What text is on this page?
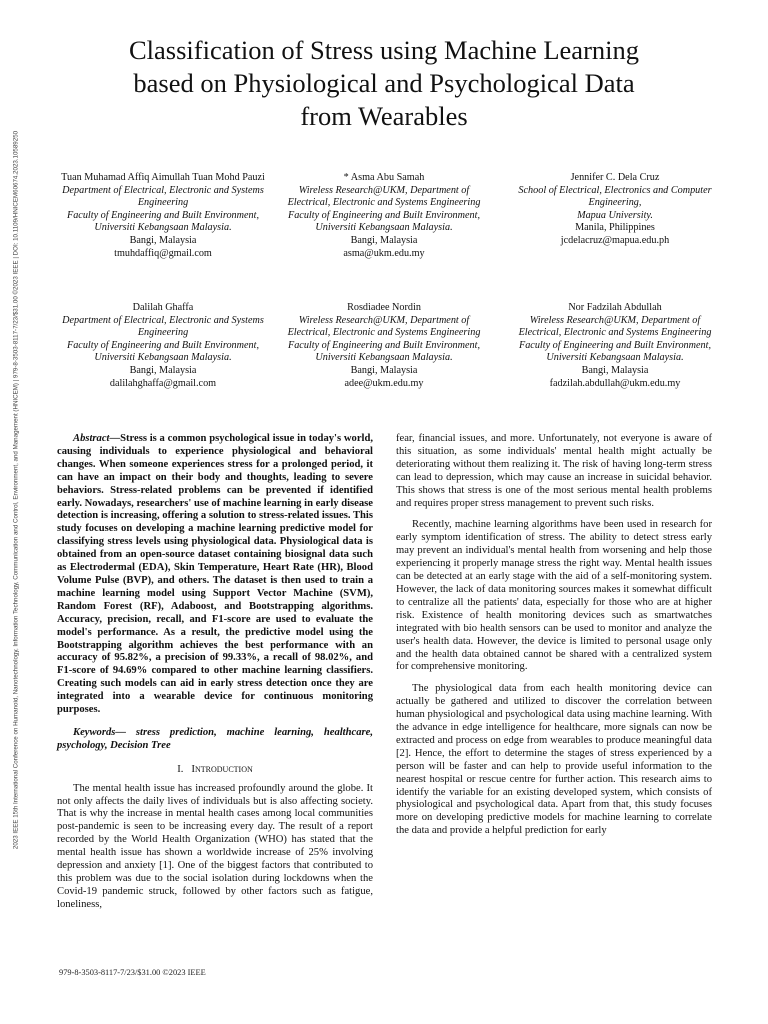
2023 IEEE 15th International Conference on Humanoid, Nanotechnology, Information Technology, Communication and Control, Environment, and Management (HNICEM) | 979-8-3503-8117-7/23/$31.00 ©2023 IEEE | DOI: 10.1109/HNICEM60674.2023.10589250
Classification of Stress using Machine Learning
based on Physiological and Psychological Data
from Wearables
Tuan Muhamad Affiq Aimullah Tuan Mohd Pauzi
Department of Electrical, Electronic and Systems Engineering
Faculty of Engineering and Built Environment, Universiti Kebangsaan Malaysia.
Bangi, Malaysia
tmuhdaffiq@gmail.com
* Asma Abu Samah
Wireless Research@UKM, Department of Electrical, Electronic and Systems Engineering
Faculty of Engineering and Built Environment, Universiti Kebangsaan Malaysia.
Bangi, Malaysia
asma@ukm.edu.my
Jennifer C. Dela Cruz
School of Electrical, Electronics and Computer Engineering,
Mapua University.
Manila, Philippines
jcdelacruz@mapua.edu.ph
Dalilah Ghaffa
Department of Electrical, Electronic and Systems Engineering
Faculty of Engineering and Built Environment, Universiti Kebangsaan Malaysia.
Bangi, Malaysia
dalilahghaffa@gmail.com
Rosdiadee Nordin
Wireless Research@UKM, Department of Electrical, Electronic and Systems Engineering
Faculty of Engineering and Built Environment, Universiti Kebangsaan Malaysia.
Bangi, Malaysia
adee@ukm.edu.my
Nor Fadzilah Abdullah
Wireless Research@UKM, Department of Electrical, Electronic and Systems Engineering
Faculty of Engineering and Built Environment, Universiti Kebangsaan Malaysia.
Bangi, Malaysia
fadzilah.abdullah@ukm.edu.my

Abstract—Stress is a common psychological issue in today's world, causing individuals to experience physiological and behavioral changes. When someone experiences stress for a prolonged period, it can have an impact on their body and thoughts, leading to severe behaviors. Stress-related problems can be prevented if identified early. Nowadays, researchers' use of machine learning in early disease detection is increasing, offering a solution to stress-related issues. This study focuses on developing a machine learning predictive model for classifying stress levels using physiological data. Physiological data is obtained from an open-source dataset containing biosignal data such as Electrodermal (EDA), Skin Temperature, Heart Rate (HR), Blood Volume Pulse (BVP), and others. The dataset is then used to train a machine learning model using Support Vector Machine (SVM), Random Forest (RF), Adaboost, and Bootstrapping algorithms. Accuracy, precision, recall, and F1-score are used to evaluate the model's performance. As a result, the predictive model using the Bootstrapping algorithm achieves the best performance with an accuracy of 95.82%, a precision of 99.33%, a recall of 98.02%, and F1-score of 94.69% compared to other machine learning classifiers. Creating such models can aid in early stress detection once they are integrated into a wearable device for continuous monitoring purposes.

Keywords— stress prediction, machine learning, healthcare, psychology, Decision Tree

I. Introduction

The mental health issue has increased profoundly around the globe. It not only affects the daily lives of individuals but is also affecting society. That is why the increase in mental health cases among local communities post-pandemic is seen to be increasing every day. The result of a report recorded by the World Health Organization (WHO) has stated that the mental health issue has shown a worldwide increase of 25% involving depression and anxiety [1]. One of the biggest factors that contributed to this problem was due to the social isolation during lockdowns when the Covid-19 pandemic struck, followed by other factors such as fatigue, loneliness,

fear, financial issues, and more. Unfortunately, not everyone is aware of this situation, as some individuals' mental health might actually be deteriorating without them realizing it. The risk of having long-term stress can lead to depression, which may cause an increase in suicidal behavior. This shows that stress is one of the most serious mental health problems and requires proper stress management to prevent such risks.

Recently, machine learning algorithms have been used in research for early symptom identification of stress. The ability to detect stress early may prevent an individual's mental health from worsening and help those experiencing it properly manage stress the right way. Mental health issues can be detected at an early stage with the aid of a self-monitoring system. However, the lack of data monitoring sources makes it somewhat difficult to centralize all the patients' data, especially for those who are at higher risk. Existence of health monitoring devices such as smartwatches integrated with bio health sensors can be used to monitor and analyze the user's health data. However, the device is limited to personal usage only and the health data obtained cannot be shared with a centralized system for comprehensive monitoring.

The physiological data from each health monitoring device can actually be gathered and utilized to discover the correlation between human physiological and psychological data using machine learning. With the advance in edge intelligence for healthcare, more signals can now be extracted and process on edge from wearables to produce meaningful data [2]. Hence, the effort to determine the stages of stress experienced by a person will be faster and can help to provide useful information to the nearest hospital or rescue centre for further action. This research aims to identify the variable for an existing developed system, which consists of physiological and psychological data. Apart from that, this study focuses more on developing predictive models for machine learning to correlate the data and provide a helpful prediction for early

979-8-3503-8117-7/23/$31.00 ©2023 IEEE
